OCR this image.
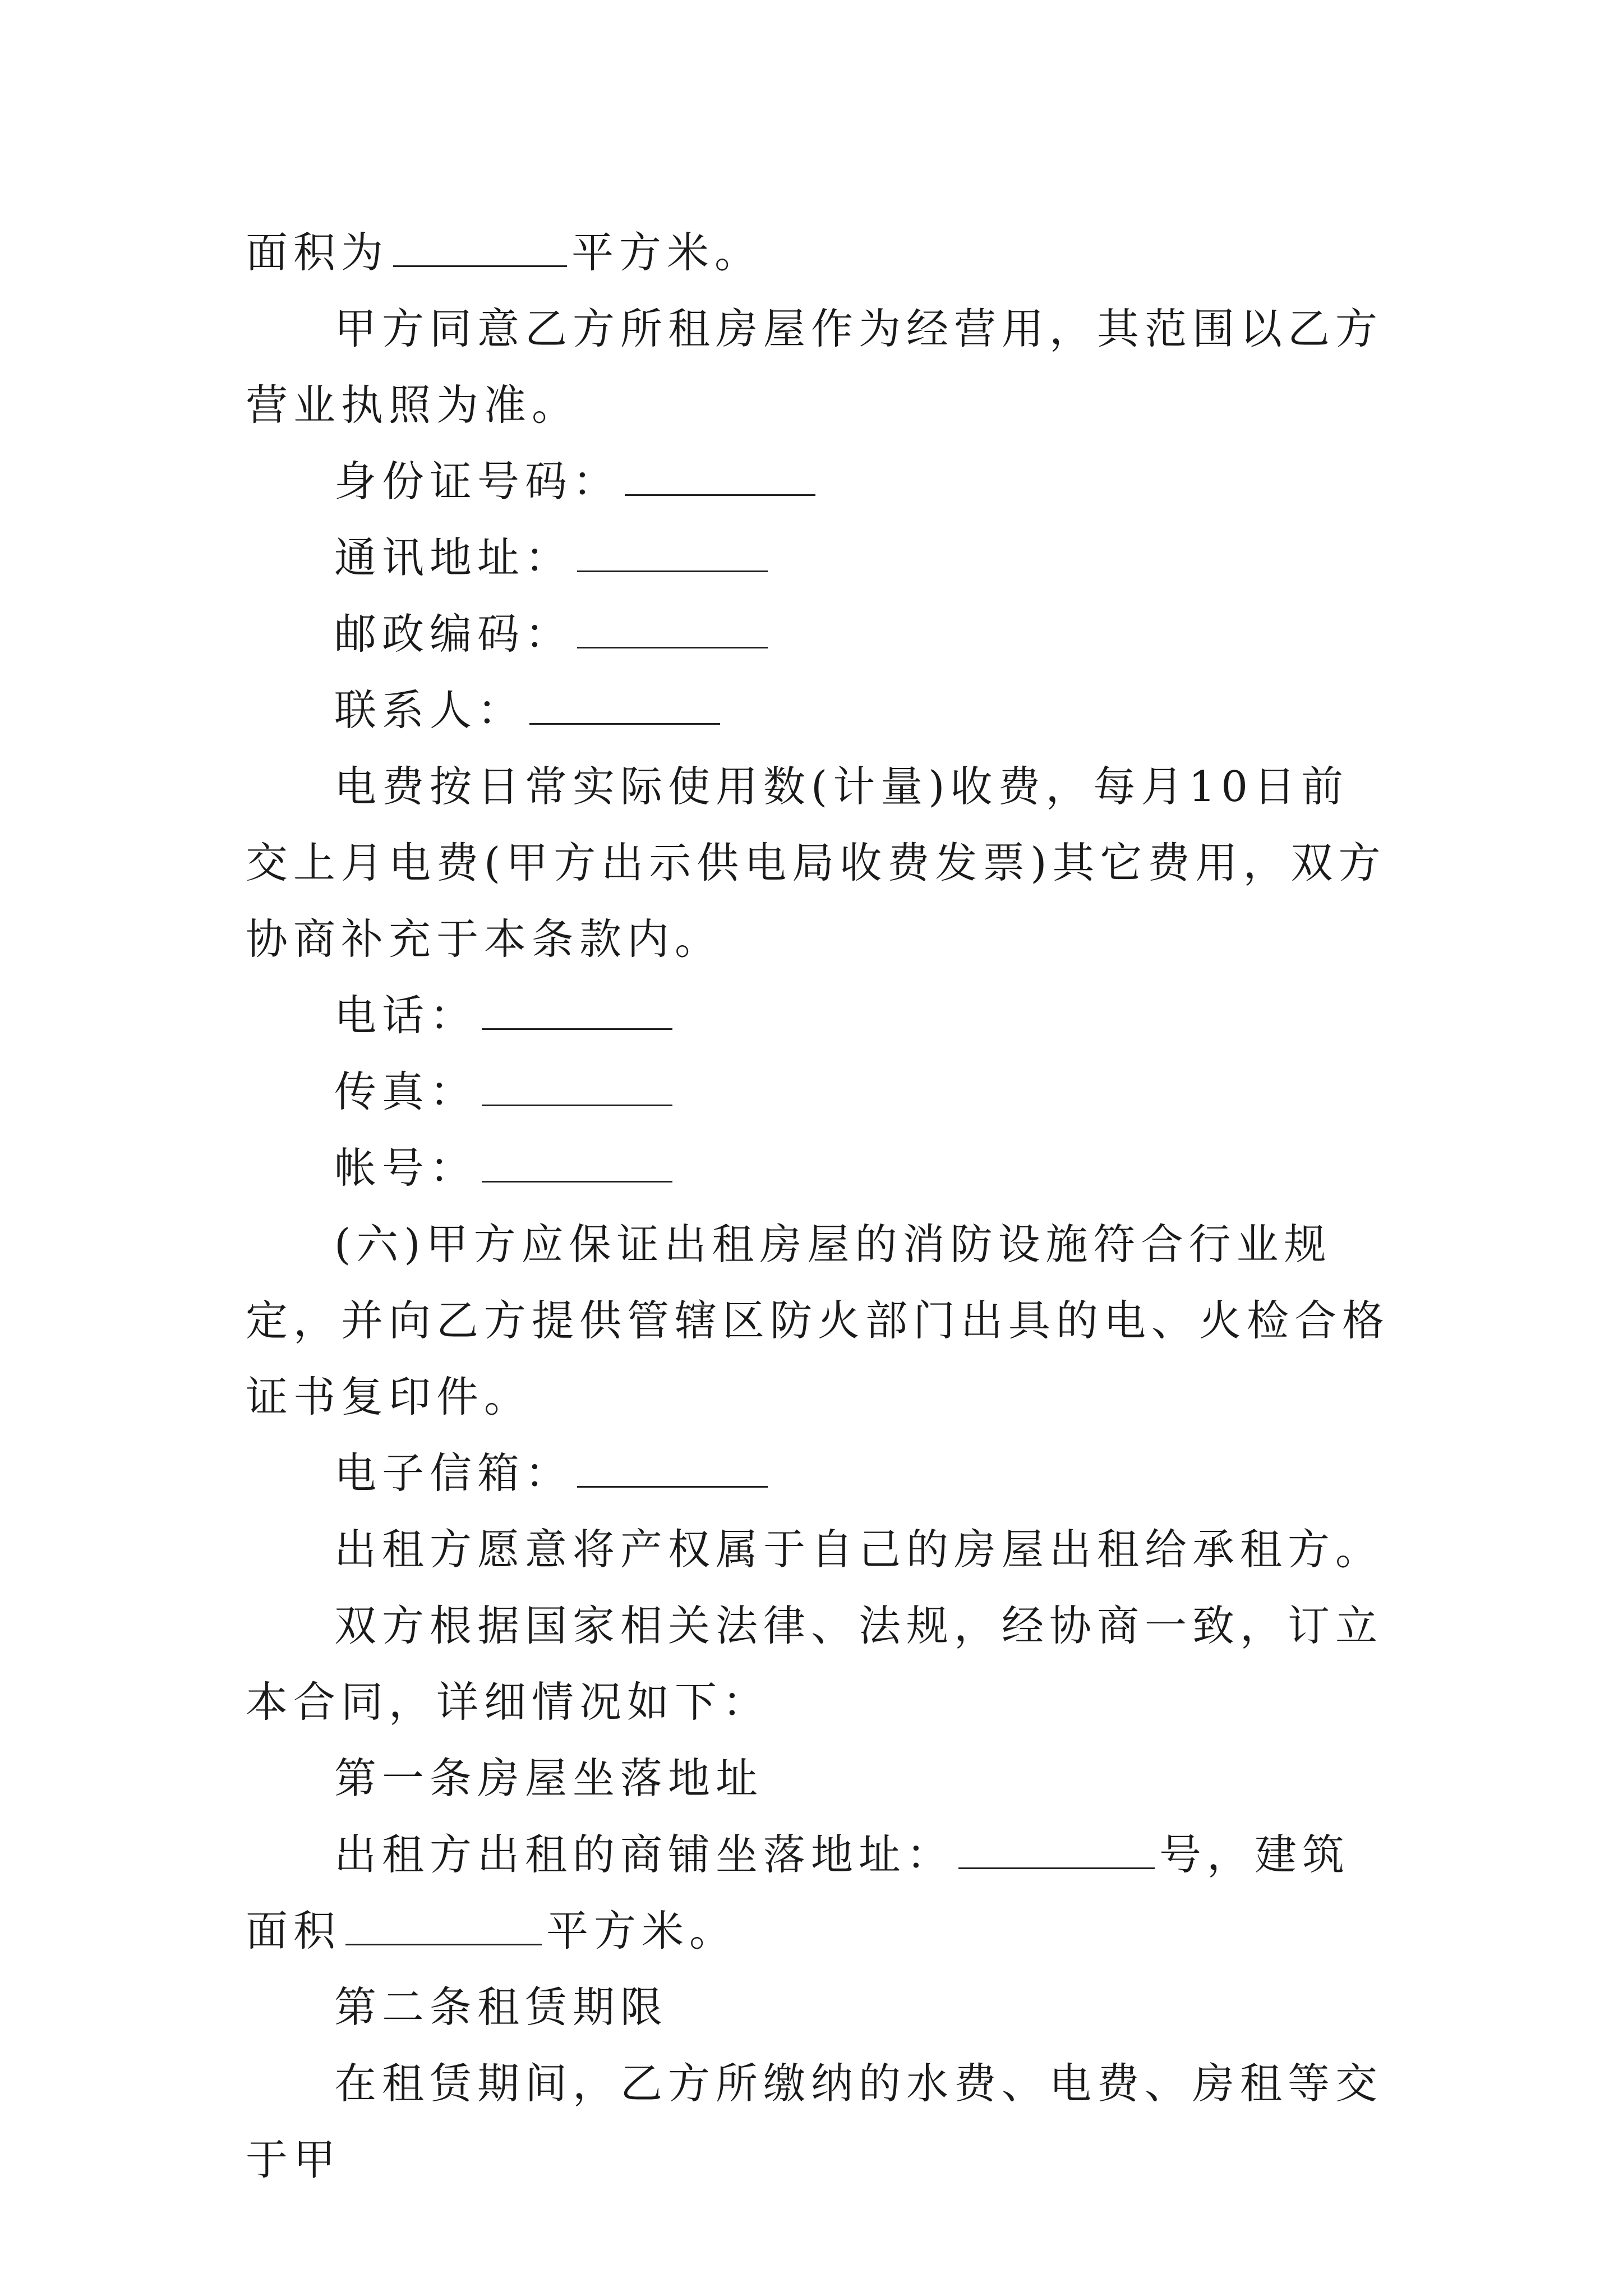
面积为	平方米。

甲方同意乙方所租房屋作为经营用，其范围以乙方营业执照为准。

身份证号码：

通讯地址：

邮政编码：

联系人：

电费按日常实际使用数(计量)收费，每月10日前交上月电费(甲方出示供电局收费发票)其它费用，双方协商补充于本条款内。

电话：

传真：

帐号：

(六)甲方应保证出租房屋的消防设施符合行业规定，并向乙方提供管辖区防火部门出具的电、火检合格证书复印件。

电子信箱：

出租方愿意将产权属于自己的房屋出租给承租方。

双方根据国家相关法律、法规，经协商一致，订立本合同，详细情况如下：

第一条房屋坐落地址

出租方出租的商铺坐落地址：	号，建筑面积	平方米。

第二条租赁期限

在租赁期间，乙方所缴纳的水费、电费、房租等交于甲
